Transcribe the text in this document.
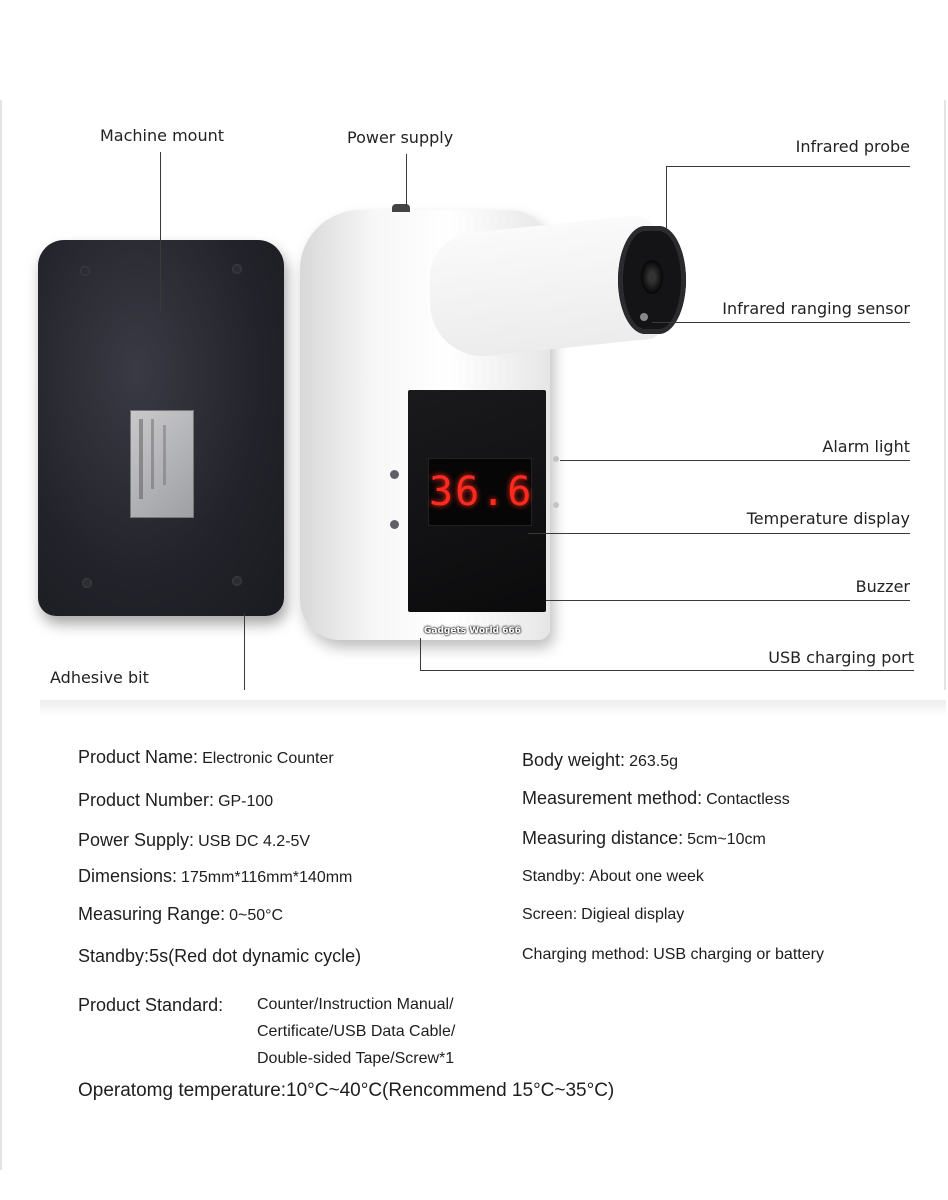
36.6
Gadgets World 666
Machine mount	Power supply	Infrared probe
Infrared ranging sensor
Alarm light
Temperature display
Buzzer
USB charging port
Adhesive bit
Product Name: Electronic Counter
Product Number: GP-100
Power Supply: USB DC 4.2-5V
Dimensions: 175mm*116mm*140mm
Measuring Range: 0~50°C
Standby:5s(Red dot dynamic cycle)
Body weight: 263.5g
Measurement method: Contactless
Measuring distance: 5cm~10cm
Standby: About one week
Screen: Digieal display
Charging method: USB charging or battery
Product Standard: Counter/Instruction Manual/
Certificate/USB Data Cable/
Double-sided Tape/Screw*1
Operatomg temperature:10°C~40°C(Rencommend 15°C~35°C)
